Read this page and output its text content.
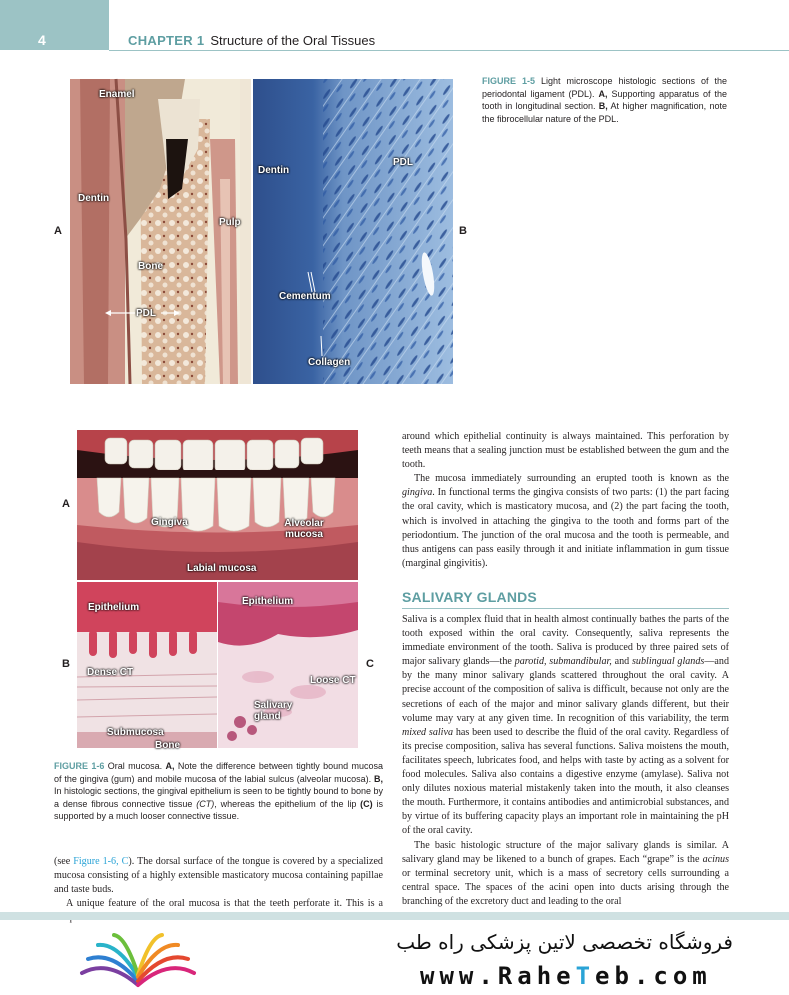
4	CHAPTER 1 Structure of the Oral Tissues
A
Enamel
Dentin
Pulp
Bone
PDL
Dentin
PDL
Cementum
Collagen
B
FIGURE 1-5 Light microscope histologic sections of the periodontal ligament (PDL). A, Supporting apparatus of the tooth in longitudinal section. B, At higher magnification, note the fibrocellular nature of the PDL.
A
Gingiva	Alveolar mucosa
Labial mucosa
B
Epithelium
Dense CT
Submucosa
Bone
Epithelium
Loose CT
Salivary gland
C
FIGURE 1-6 Oral mucosa. A, Note the difference between tightly bound mucosa of the gingiva (gum) and mobile mucosa of the labial sulcus (alveolar mucosa). B, In histologic sections, the gingival epithelium is seen to be tightly bound to bone by a dense fibrous connective tissue (CT), whereas the epithelium of the lip (C) is supported by a much looser connective tissue.

(see Figure 1-6, C). The dorsal surface of the tongue is covered by a specialized mucosa consisting of a highly extensible masticatory mucosa containing papillae and taste buds.

A unique feature of the oral mucosa is that the teeth perforate it. This is a

around which epithelial continuity is always maintained. This perforation by teeth means that a sealing junction must be established between the gum and the tooth.

The mucosa immediately surrounding an erupted tooth is known as the gingiva. In functional terms the gingiva consists of two parts: (1) the part facing the oral cavity, which is masticatory mucosa, and (2) the part facing the tooth, which is involved in attaching the gingiva to the tooth and forms part of the periodontium. The junction of the oral mucosa and the tooth is permeable, and thus antigens can pass easily through it and initiate inflammation in gum tissue (marginal gingivitis).

SALIVARY GLANDS

Saliva is a complex fluid that in health almost continually bathes the parts of the tooth exposed within the oral cavity. Consequently, saliva represents the immediate environment of the tooth. Saliva is produced by three paired sets of major salivary glands—the parotid, submandibular, and sublingual glands—and by the many minor salivary glands scattered throughout the oral cavity. A precise account of the composition of saliva is difficult, because not only are the secretions of each of the major and minor salivary glands different, but their volume may vary at any given time. In recognition of this variability, the term mixed saliva has been used to describe the fluid of the oral cavity. Regardless of its precise composition, saliva has several functions. Saliva moistens the mouth, facilitates speech, lubricates food, and helps with taste by acting as a solvent for food molecules. Saliva also contains a digestive enzyme (amylase). Saliva not only dilutes noxious material mistakenly taken into the mouth, it also cleanses the mouth. Furthermore, it contains antibodies and antimicrobial substances, and by virtue of its buffering capacity plays an important role in maintaining the pH of the oral cavity.

The basic histologic structure of the major salivary glands is similar. A salivary gland may be likened to a bunch of grapes. Each “grape” is the acinus or terminal secretory unit, which is a mass of secretory cells surrounding a central space. The spaces of the acini open into ducts arising through the branching of the excretory duct and leading to the oral

فروشگاه تخصصی لاتین پزشکی راه طب
www.RaheTeb.com
